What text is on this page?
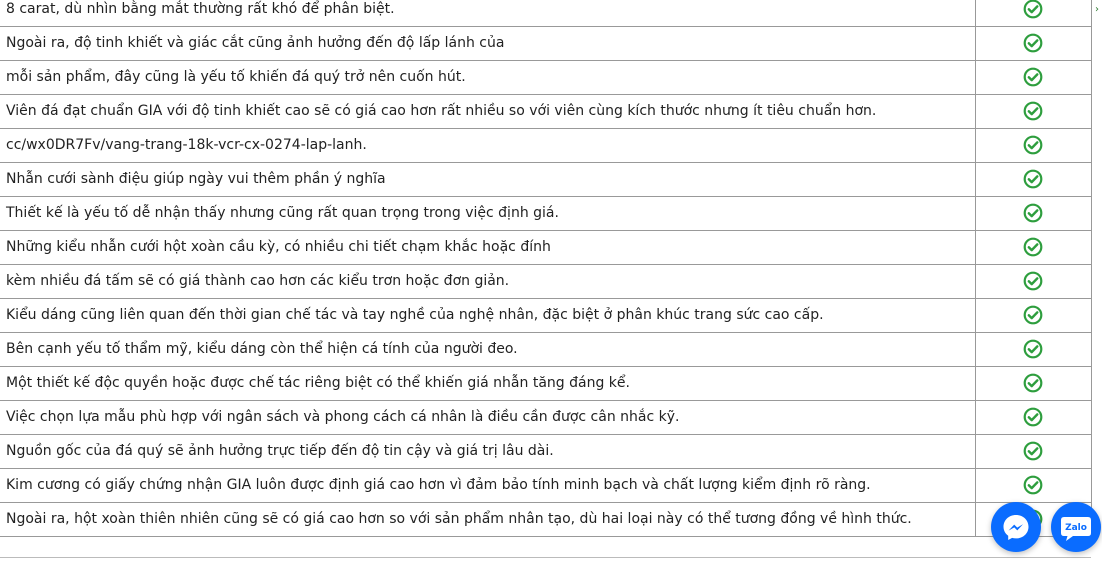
8 carat, dù nhìn bằng mắt thường rất khó để phân biệt.	
Ngoài ra, độ tinh khiết và giác cắt cũng ảnh hưởng đến độ lấp lánh của	
mỗi sản phẩm, đây cũng là yếu tố khiến đá quý trở nên cuốn hút.	
Viên đá đạt chuẩn GIA với độ tinh khiết cao sẽ có giá cao hơn rất nhiều so với viên cùng kích thước nhưng ít tiêu chuẩn hơn.	
cc/wx0DR7Fv/vang-trang-18k-vcr-cx-0274-lap-lanh.	
Nhẫn cưới sành điệu giúp ngày vui thêm phần ý nghĩa	
Thiết kế là yếu tố dễ nhận thấy nhưng cũng rất quan trọng trong việc định giá.	
Những kiểu nhẫn cưới hột xoàn cầu kỳ, có nhiều chi tiết chạm khắc hoặc đính	
kèm nhiều đá tấm sẽ có giá thành cao hơn các kiểu trơn hoặc đơn giản.	
Kiểu dáng cũng liên quan đến thời gian chế tác và tay nghề của nghệ nhân, đặc biệt ở phân khúc trang sức cao cấp.	
Bên cạnh yếu tố thẩm mỹ, kiểu dáng còn thể hiện cá tính của người đeo.	
Một thiết kế độc quyền hoặc được chế tác riêng biệt có thể khiến giá nhẫn tăng đáng kể.	
Việc chọn lựa mẫu phù hợp với ngân sách và phong cách cá nhân là điều cần được cân nhắc kỹ.	
Nguồn gốc của đá quý sẽ ảnh hưởng trực tiếp đến độ tin cậy và giá trị lâu dài.	
Kim cương có giấy chứng nhận GIA luôn được định giá cao hơn vì đảm bảo tính minh bạch và chất lượng kiểm định rõ ràng.	
Ngoài ra, hột xoàn thiên nhiên cũng sẽ có giá cao hơn so với sản phẩm nhân tạo, dù hai loại này có thể tương đồng về hình thức.	
›
Zalo
